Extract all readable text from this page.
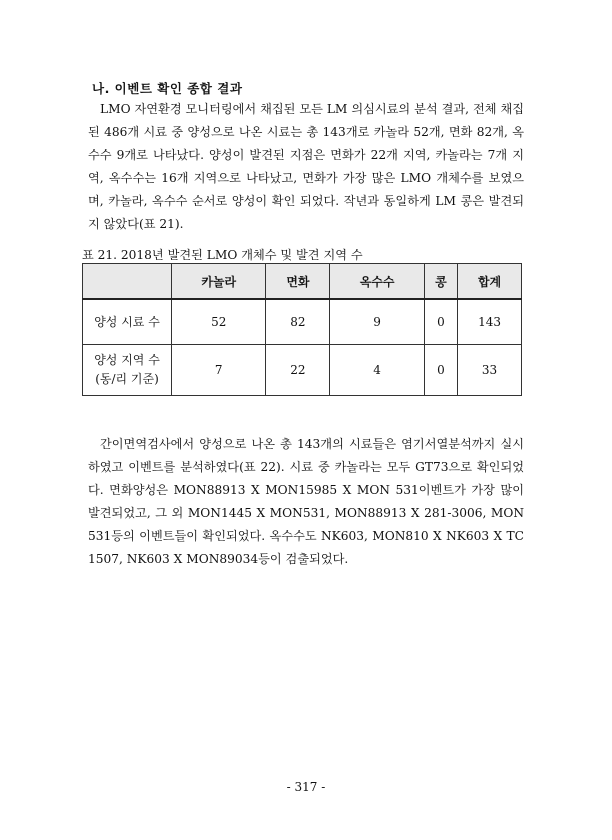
나. 이벤트 확인 종합 결과

LMO 자연환경 모니터링에서 채집된 모든 LM 의심시료의 분석 결과, 전체 채집된 486개 시료 중 양성으로 나온 시료는 총 143개로 카놀라 52개, 면화 82개, 옥수수 9개로 나타났다. 양성이 발견된 지점은 면화가 22개 지역, 카놀라는 7개 지역, 옥수수는 16개 지역으로 나타났고, 면화가 가장 많은 LMO 개체수를 보였으며, 카놀라, 옥수수 순서로 양성이 확인 되었다. 작년과 동일하게 LM 콩은 발견되지 않았다(표 21).

표 21. 2018년 발견된 LMO 개체수 및 발견 지역 수
	카놀라	면화	옥수수	콩	합계
양성 시료 수	52	82	9	0	143
양성 지역 수
(동/리 기준)	7	22	4	0	33

간이면역검사에서 양성으로 나온 총 143개의 시료들은 염기서열분석까지 실시하였고 이벤트를 분석하였다(표 22). 시료 중 카놀라는 모두 GT73으로 확인되었다. 면화양성은 MON88913 X MON15985 X MON 531이벤트가 가장 많이 발견되었고, 그 외 MON1445 X MON531, MON88913 X 281-3006, MON 531등의 이벤트들이 확인되었다. 옥수수도 NK603, MON810 X NK603 X TC1507, NK603 X MON89034등이 검출되었다.

- 317 -
